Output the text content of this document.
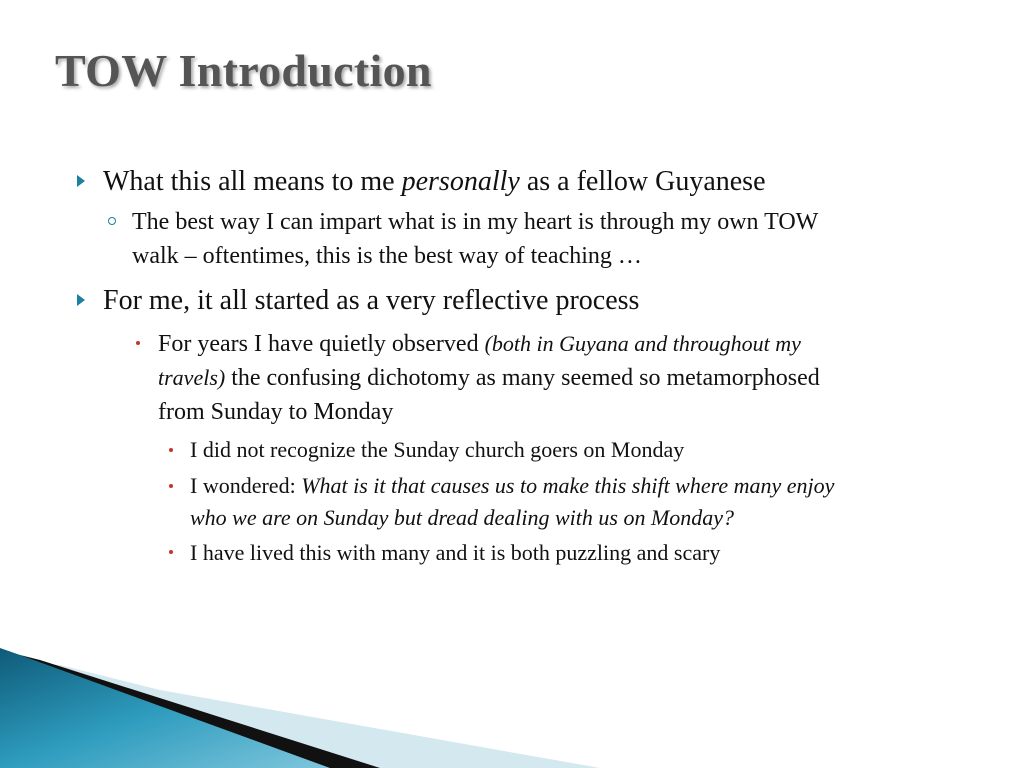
TOW Introduction
What this all means to me personally as a fellow Guyanese
The best way I can impart what is in my heart is through my own TOW
walk – oftentimes, this is the best way of teaching …
For me, it all started as a very reflective process
For years I have quietly observed (both in Guyana and throughout my
travels) the confusing dichotomy as many seemed so metamorphosed
from Sunday to Monday
I did not recognize the Sunday church goers on Monday
I wondered: What is it that causes us to make this shift where many enjoy
who we are on Sunday but dread dealing with us on Monday?
I have lived this with many and it is both puzzling and scary
